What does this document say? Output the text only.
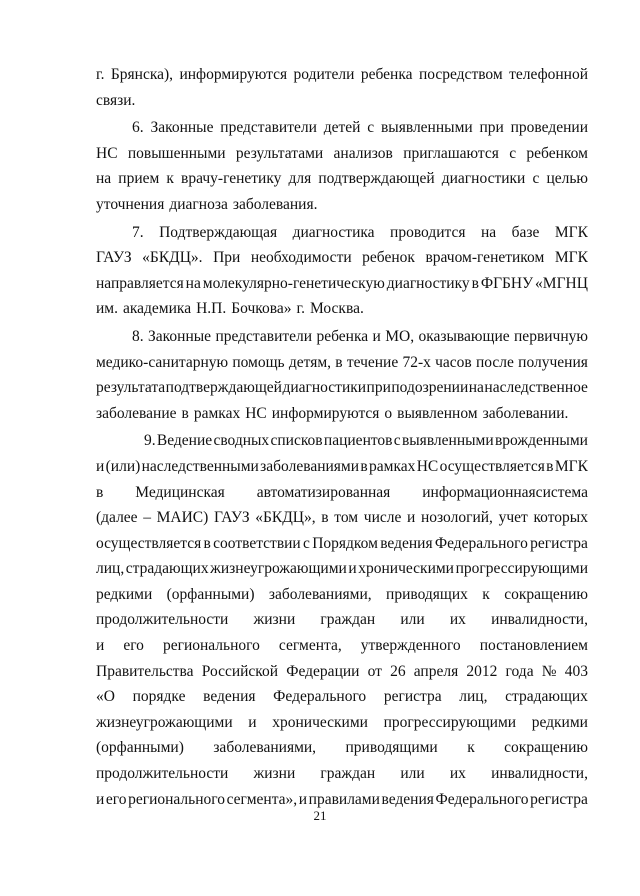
г. Брянска), информируются родители ребенка посредством телефонной
связи.
6. Законные представители детей с выявленными при проведении
НС повышенными результатами анализов приглашаются с ребенком
на прием к врачу-генетику для подтверждающей диагностики с целью
уточнения диагноза заболевания.
7. Подтверждающая диагностика проводится на базе МГК
ГАУЗ «БКДЦ». При необходимости ребенок врачом-генетиком МГК
направляется на молекулярно-генетическую диагностику в ФГБНУ «МГНЦ
им. академика Н.П. Бочкова» г. Москва.
8. Законные представители ребенка и МО, оказывающие первичную
медико-санитарную помощь детям, в течение 72-х часов после получения
результата подтверждающей диагностики при подозрении на наследственное
заболевание в рамках НС информируются о выявленном заболевании.
9. Ведение сводных списков пациентов с выявленными врожденными
и (или) наследственными заболеваниями в рамках НС осуществляется в МГК
в Медицинская автоматизированная информационнаясистема
(далее – МАИС) ГАУЗ «БКДЦ», в том числе и нозологий, учет которых
осуществляется в соответствии с Порядком ведения Федерального регистра
лиц, страдающих жизнеугрожающими и хроническими прогрессирующими
редкими (орфанными) заболеваниями, приводящих к сокращению
продолжительности жизни граждан или их инвалидности,
и его регионального сегмента, утвержденного постановлением
Правительства Российской Федерации от 26 апреля 2012 года № 403
«О порядке ведения Федерального регистра лиц, страдающих
жизнеугрожающими и хроническими прогрессирующими редкими
(орфанными) заболеваниями, приводящими к сокращению
продолжительности жизни граждан или их инвалидности,
и его регионального сегмента», и правилами ведения Федерального регистра
21
